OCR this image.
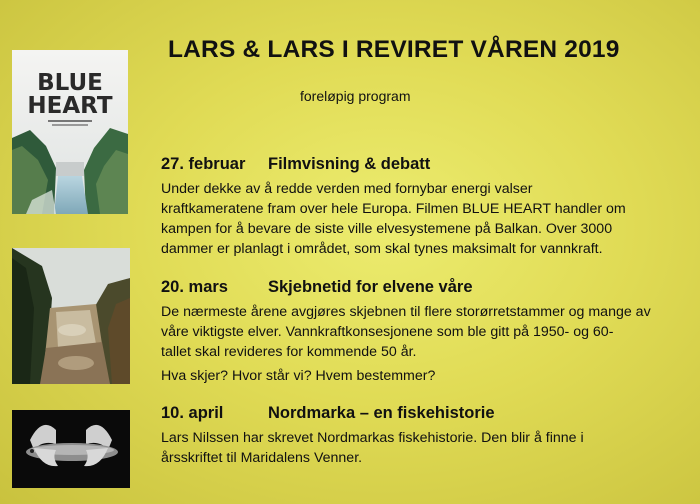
LARS & LARS I REVIRET VÅREN 2019
foreløpig program
BLUE
HEART
27. februar Filmvisning & debatt

Under dekke av å redde verden med fornybar energi valser
kraftkameratene fram over hele Europa. Filmen BLUE HEART handler om
kampen for å bevare de siste ville elvesystemene på Balkan. Over 3000
dammer er planlagt i området, som skal tynes maksimalt for vannkraft.

20. mars Skjebnetid for elvene våre

De nærmeste årene avgjøres skjebnen til flere storørretstammer og mange av
våre viktigste elver. Vannkraftkonsesjonene som ble gitt på 1950- og 60-
tallet skal revideres for kommende 50 år.

Hva skjer? Hvor står vi? Hvem bestemmer?

10. april	Nordmarka – en fiskehistorie

Lars Nilssen har skrevet Nordmarkas fiskehistorie. Den blir å finne i
årsskriftet til Maridalens Venner.
